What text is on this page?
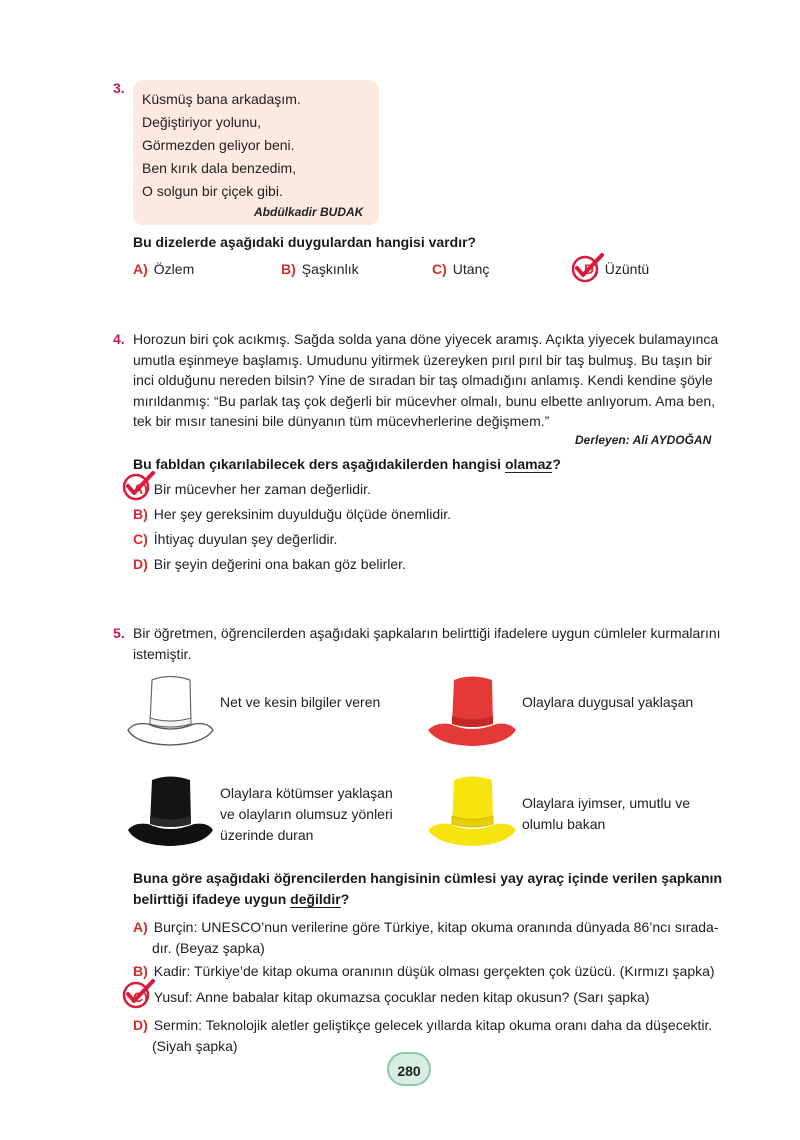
3.
Küsmüş bana arkadaşım.
Değiştiriyor yolunu,
Görmezden geliyor beni.
Ben kırık dala benzedim,
O solgun bir çiçek gibi.
Abdülkadir BUDAK
Bu dizelerde aşağıdaki duygulardan hangisi vardır?
A) Özlem	B) Şaşkınlık	C) Utanç	D) Üzüntü
4. Horozun biri çok acıkmış. Sağda solda yana döne yiyecek aramış. Açıkta yiyecek bulamayınca
umutla eşinmeye başlamış. Umudunu yitirmek üzereyken pırıl pırıl bir taş bulmuş. Bu taşın bir
inci olduğunu nereden bilsin? Yine de sıradan bir taş olmadığını anlamış. Kendi kendine şöyle
mırıldanmış: “Bu parlak taş çok değerli bir mücevher olmalı, bunu elbette anlıyorum. Ama ben,
tek bir mısır tanesini bile dünyanın tüm mücevherlerine değişmem.”
Derleyen: Ali AYDOĞAN
Bu fabldan çıkarılabilecek ders aşağıdakilerden hangisi olamaz?
A) Bir mücevher her zaman değerlidir.
B) Her şey gereksinim duyulduğu ölçüde önemlidir.
C) İhtiyaç duyulan şey değerlidir.
D) Bir şeyin değerini ona bakan göz belirler.
5. Bir öğretmen, öğrencilerden aşağıdaki şapkaların belirttiği ifadelere uygun cümleler kurmalarını
istemiştir.
Net ve kesin bilgiler veren	Olaylara duygusal yaklaşan
Olaylara kötümser yaklaşan
ve olayların olumsuz yönleri
üzerinde duran
Olaylara iyimser, umutlu ve
olumlu bakan
Buna göre aşağıdaki öğrencilerden hangisinin cümlesi yay ayraç içinde verilen şapkanın
belirttiği ifadeye uygun değildir?
A) Burçin: UNESCO’nun verilerine göre Türkiye, kitap okuma oranında dünyada 86’ncı sırada-
dır. (Beyaz şapka)
B) Kadir: Türkiye’de kitap okuma oranının düşük olması gerçekten çok üzücü. (Kırmızı şapka)
C) Yusuf: Anne babalar kitap okumazsa çocuklar neden kitap okusun? (Sarı şapka)
D) Sermin: Teknolojik aletler geliştikçe gelecek yıllarda kitap okuma oranı daha da düşecektir.
(Siyah şapka)
280
